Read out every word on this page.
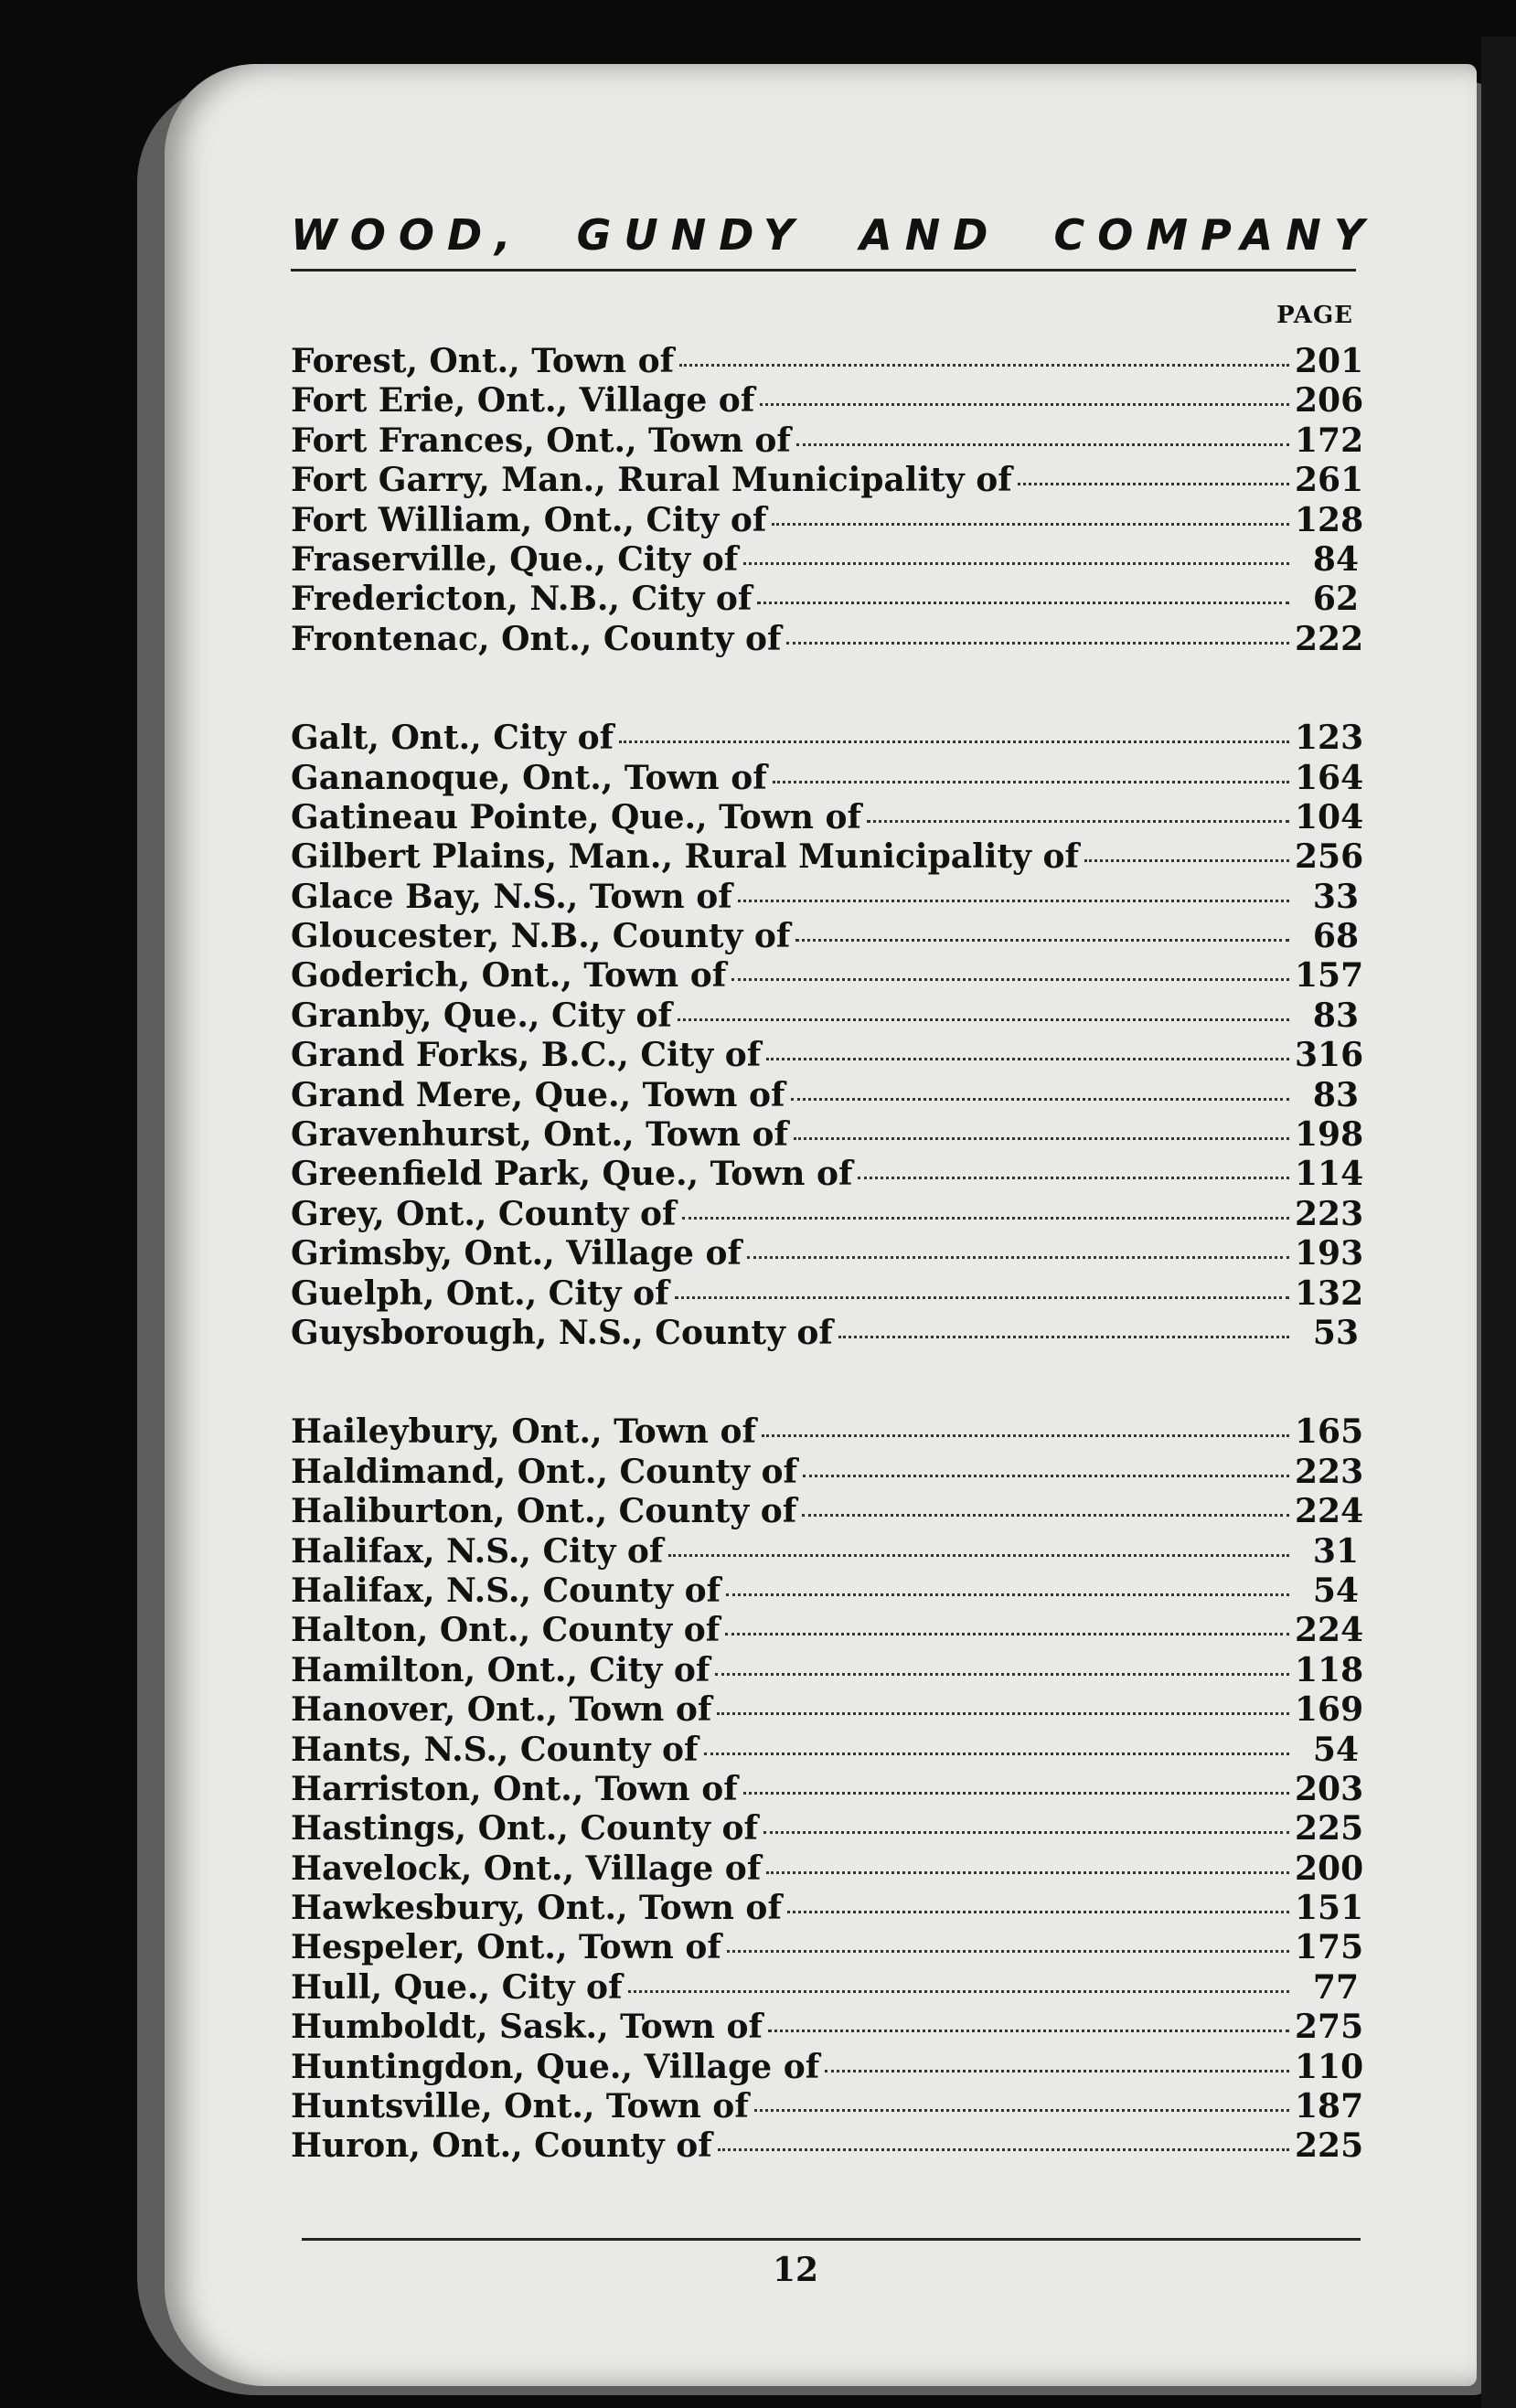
WOOD, GUNDY AND COMPANY
PAGE
Forest, Ont., Town of	201
Fort Erie, Ont., Village of	206
Fort Frances, Ont., Town of	172
Fort Garry, Man., Rural Municipality of	261
Fort William, Ont., City of	128
Fraserville, Que., City of	84
Fredericton, N.B., City of	62
Frontenac, Ont., County of	222
Galt, Ont., City of	123
Gananoque, Ont., Town of	164
Gatineau Pointe, Que., Town of	104
Gilbert Plains, Man., Rural Municipality of	256
Glace Bay, N.S., Town of	33
Gloucester, N.B., County of	68
Goderich, Ont., Town of	157
Granby, Que., City of	83
Grand Forks, B.C., City of	316
Grand Mere, Que., Town of	83
Gravenhurst, Ont., Town of	198
Greenfield Park, Que., Town of	114
Grey, Ont., County of	223
Grimsby, Ont., Village of	193
Guelph, Ont., City of	132
Guysborough, N.S., County of	53
Haileybury, Ont., Town of	165
Haldimand, Ont., County of	223
Haliburton, Ont., County of	224
Halifax, N.S., City of	31
Halifax, N.S., County of	54
Halton, Ont., County of	224
Hamilton, Ont., City of	118
Hanover, Ont., Town of	169
Hants, N.S., County of	54
Harriston, Ont., Town of	203
Hastings, Ont., County of	225
Havelock, Ont., Village of	200
Hawkesbury, Ont., Town of	151
Hespeler, Ont., Town of	175
Hull, Que., City of	77
Humboldt, Sask., Town of	275
Huntingdon, Que., Village of	110
Huntsville, Ont., Town of	187
Huron, Ont., County of	225
12
